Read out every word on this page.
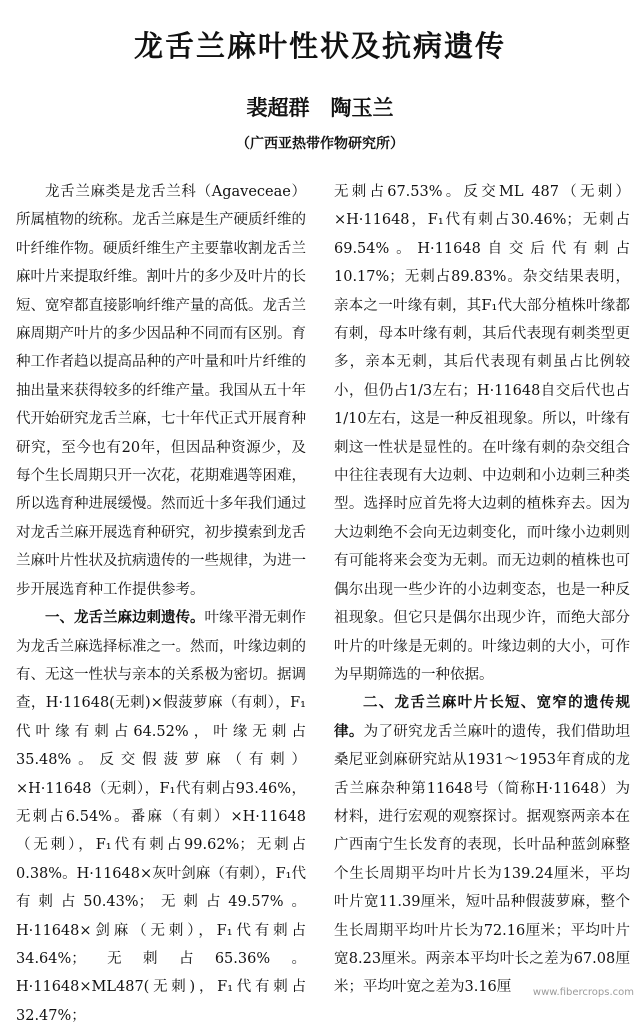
龙舌兰麻叶性状及抗病遗传
裴超群　陶玉兰
（广西亚热带作物研究所）

龙舌兰麻类是龙舌兰科（Agaveceae）所属植物的统称。龙舌兰麻是生产硬质纤维的叶纤维作物。硬质纤维生产主要靠收割龙舌兰麻叶片来提取纤维。割叶片的多少及叶片的长短、宽窄都直接影响纤维产量的高低。龙舌兰麻周期产叶片的多少因品种不同而有区别。育种工作者趋以提高品种的产叶量和叶片纤维的抽出量来获得较多的纤维产量。我国从五十年代开始研究龙舌兰麻，七十年代正式开展育种研究，至今也有20年，但因品种资源少，及每个生长周期只开一次花，花期难遇等困难，所以选育种进展缓慢。然而近十多年我们通过对龙舌兰麻开展选育种研究，初步摸索到龙舌兰麻叶片性状及抗病遗传的一些规律，为进一步开展选育种工作提供参考。

一、龙舌兰麻边刺遗传。叶缘平滑无刺作为龙舌兰麻选择标准之一。然而，叶缘边刺的有、无这一性状与亲本的关系极为密切。据调查，H·11648(无刺)×假菠萝麻（有刺），F₁代叶缘有刺占64.52%，叶缘无刺占35.48%。反交假菠萝麻（有刺）×H·11648（无刺），F₁代有刺占93.46%，无刺占6.54%。番麻（有刺）×H·11648（无刺），F₁代有刺占99.62%；无刺占0.38%。H·11648×灰叶剑麻（有刺），F₁代有刺占50.43%；无刺占49.57%。H·11648×剑麻（无刺），F₁代有刺占34.64%；无刺占65.36%。H·11648×ML487(无刺)，F₁代有刺占32.47%；

无刺占67.53%。反交ML 487（无刺）×H·11648，F₁代有刺占30.46%；无刺占69.54%。H·11648自交后代有刺占10.17%；无刺占89.83%。杂交结果表明，亲本之一叶缘有刺，其F₁代大部分植株叶缘都有刺，母本叶缘有刺，其后代表现有刺类型更多，亲本无刺，其后代表现有刺虽占比例较小，但仍占1/3左右；H·11648自交后代也占1/10左右，这是一种反祖现象。所以，叶缘有刺这一性状是显性的。在叶缘有刺的杂交组合中往往表现有大边刺、中边刺和小边刺三种类型。选择时应首先将大边刺的植株弃去。因为大边刺绝不会向无边刺变化，而叶缘小边刺则有可能将来会变为无刺。而无边刺的植株也可偶尔出现一些少许的小边刺变态，也是一种反祖现象。但它只是偶尔出现少许，而绝大部分叶片的叶缘是无刺的。叶缘边刺的大小，可作为早期筛选的一种依据。

二、龙舌兰麻叶片长短、宽窄的遗传规律。为了研究龙舌兰麻叶的遗传，我们借助坦桑尼亚剑麻研究站从1931～1953年育成的龙舌兰麻杂种第11648号（简称H·11648）为材料，进行宏观的观察探讨。据观察两亲本在广西南宁生长发育的表现，长叶品种蓝剑麻整个生长周期平均叶片长为139.24厘米，平均叶片宽11.39厘米，短叶品种假菠萝麻，整个生长周期平均叶片长为72.16厘米；平均叶片宽8.23厘米。两亲本平均叶长之差为67.08厘米；平均叶宽之差为3.16厘	www.fibercrops.com
